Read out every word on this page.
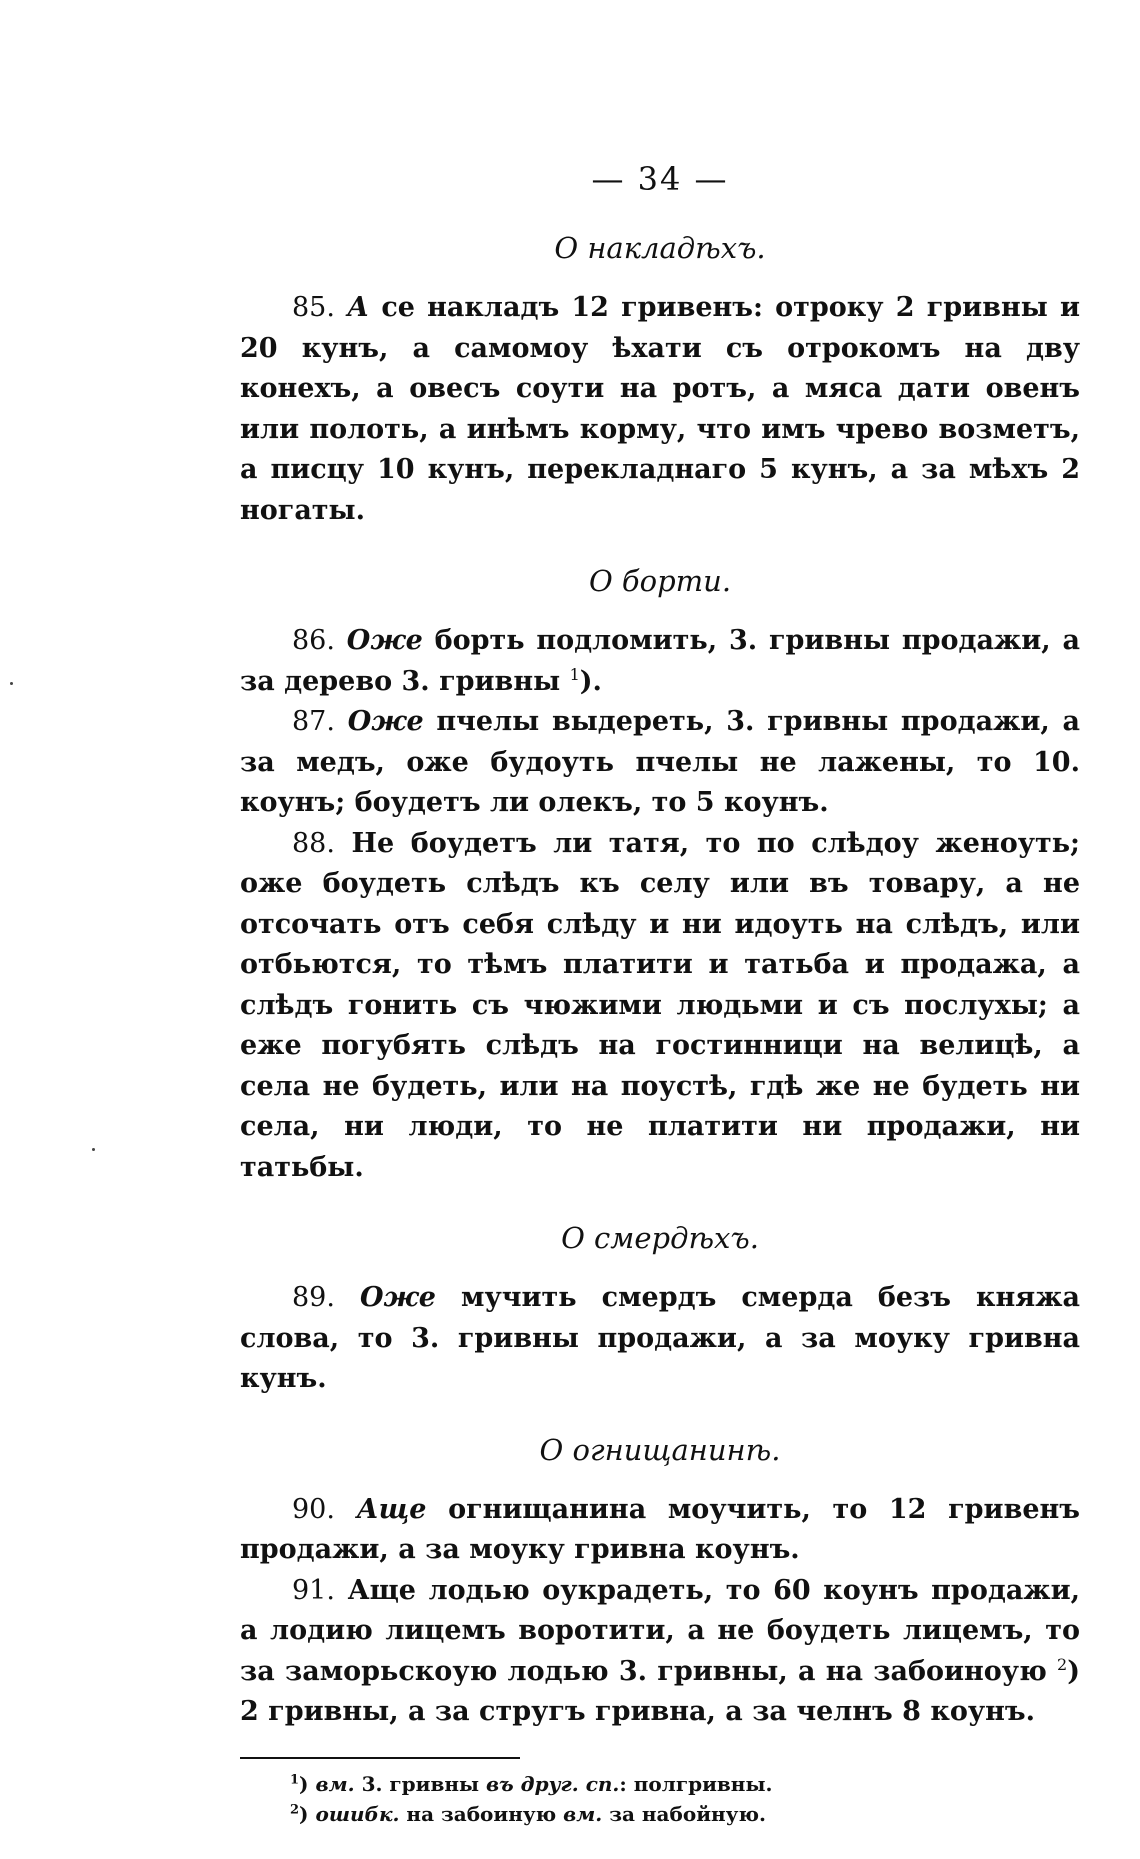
— 34 —
О накладѣхъ.

85. А се накладъ 12 гривенъ: отроку 2 гривны и 20 кунъ, а самомоу ѣхати съ отрокомъ на дву конехъ, а овесъ соути на ротъ, а мяса дати овенъ или полоть, а инѣмъ корму, что имъ чрево возметъ, а писцу 10 кунъ, перекладнаго 5 кунъ, а за мѣхъ 2 ногаты.

О борти.

86. Оже борть подломить, 3. гривны продажи, а за дерево 3. гривны $^1$).

87. Оже пчелы выдереть, 3. гривны продажи, а за медъ, оже будоуть пчелы не лажены, то 10. коунъ; боудетъ ли олекъ, то 5 коунъ.

88. Не боудетъ ли татя, то по слѣдоу женоуть; оже боудеть слѣдъ къ селу или въ товару, а не отсочать отъ себя слѣду и ни идоуть на слѣдъ, или отбьются, то тѣмъ платити и татьба и продажа, а слѣдъ гонить съ чюжими людьми и съ послухы; а еже погубять слѣдъ на гостинници на велицѣ, а села не будеть, или на поустѣ, гдѣ же не будеть ни села, ни люди, то не платити ни продажи, ни татьбы.

О смердѣхъ.

89. Оже мучить смердъ смерда безъ княжа слова, то 3. гривны продажи, а за моуку гривна кунъ.

О огнищанинѣ.

90. Аще огнищанина моучить, то 12 гривенъ продажи, а за моуку гривна коунъ.

91. Аще лодью оукрадеть, то 60 коунъ продажи, а лодию лицемъ воротити, а не боудеть лицемъ, то за заморьскоую лодью 3. гривны, а на забоиноую $^2$) 2 гривны, а за стругъ гривна, а за челнъ 8 коунъ.

$^1$) вм. 3. гривны въ друг. сп.: полгривны.

$^2$) ошибк. на забоиную вм. за набойную.
